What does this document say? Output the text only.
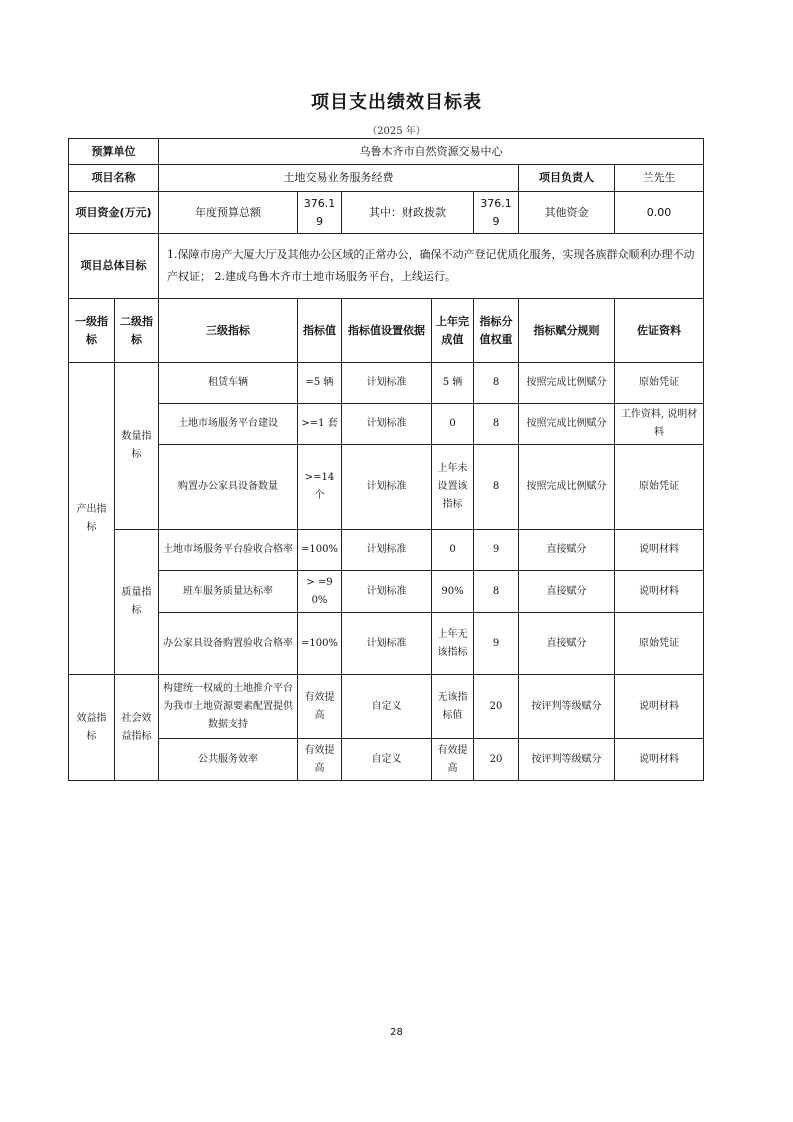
项目支出绩效目标表
（2025 年）
预算单位		乌鲁木齐市自然资源交易中心						
项目名称		土地交易业务服务经费					项目负责人	兰先生
项目资金(万元)		年度预算总额	376.19	其中：财政拨款		376.19	其他资金	0.00
项目总体目标		1.保障市房产大厦大厅及其他办公区域的正常办公，确保不动产登记优质化服务，实现各族群众顺利办理不动产权证； 2.建成乌鲁木齐市土地市场服务平台，上线运行。						
一级指标	二级指标	三级指标	指标值	指标值设置依据	上年完成值	指标分值权重	指标赋分规则	佐证资料
产出指标	数量指标	租赁车辆	=5 辆	计划标准	5 辆	8	按照完成比例赋分	原始凭证
		土地市场服务平台建设	>=1 套	计划标准	0	8	按照完成比例赋分	工作资料, 说明材料
		购置办公家具设备数量	>=14 个	计划标准	上年未设置该指标	8	按照完成比例赋分	原始凭证
	质量指标	土地市场服务平台验收合格率	=100%	计划标准	0	9	直接赋分	说明材料
		班车服务质量达标率	> =90%	计划标准	90%	8	直接赋分	说明材料
		办公家具设备购置验收合格率	=100%	计划标准	上年无该指标	9	直接赋分	原始凭证
效益指标	社会效益指标	构建统一权威的土地推介平台为我市土地资源要素配置提供数据支持	有效提高	自定义	无该指标值	20	按评判等级赋分	说明材料
		公共服务效率	有效提高	自定义	有效提高	20	按评判等级赋分	说明材料
28
